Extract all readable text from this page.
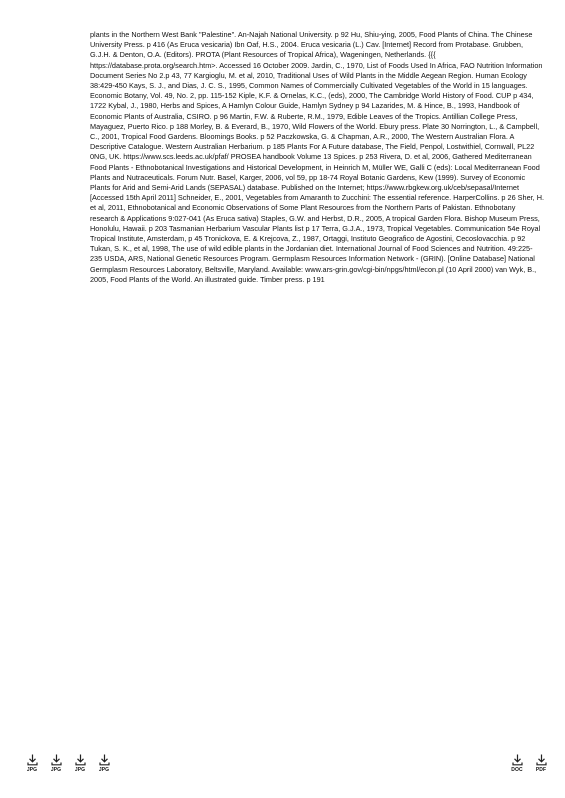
plants in the Northern West Bank "Palestine". An-Najah National University. p 92 Hu, Shiu-ying, 2005, Food Plants of China. The Chinese University Press. p 416 (As Eruca vesicaria) Ibn Oaf, H.S., 2004. Eruca vesicaria (L.) Cav. [Internet] Record from Protabase. Grubben, G.J.H. & Denton, O.A. (Editors). PROTA (Plant Resources of Tropical Africa), Wageningen, Netherlands. {{{ https://database.prota.org/search.htm>. Accessed 16 October 2009. Jardin, C., 1970, List of Foods Used In Africa, FAO Nutrition Information Document Series No 2.p 43, 77 Kargioglu, M. et al, 2010, Traditional Uses of Wild Plants in the Middle Aegean Region. Human Ecology 38:429-450 Kays, S. J., and Dias, J. C. S., 1995, Common Names of Commercially Cultivated Vegetables of the World in 15 languages. Economic Botany, Vol. 49, No. 2, pp. 115-152 Kiple, K.F. & Ornelas, K.C., (eds), 2000, The Cambridge World History of Food. CUP p 434, 1722 Kybal, J., 1980, Herbs and Spices, A Hamlyn Colour Guide, Hamlyn Sydney p 94 Lazarides, M. & Hince, B., 1993, Handbook of Economic Plants of Australia, CSIRO. p 96 Martin, F.W. & Ruberte, R.M., 1979, Edible Leaves of the Tropics. Antillian College Press, Mayaguez, Puerto Rico. p 188 Morley, B. & Everard, B., 1970, Wild Flowers of the World. Ebury press. Plate 30 Norrington, L., & Campbell, C., 2001, Tropical Food Gardens. Bloomings Books. p 52 Paczkowska, G. & Chapman, A.R., 2000, The Western Australian Flora. A Descriptive Catalogue. Western Australian Herbarium. p 185 Plants For A Future database, The Field, Penpol, Lostwithiel, Cornwall, PL22 0NG, UK. https://www.scs.leeds.ac.uk/pfaf/ PROSEA handbook Volume 13 Spices. p 253 Rivera, D. et al, 2006, Gathered Mediterranean Food Plants - Ethnobotanical Investigations and Historical Development, in Heinrich M, Müller WE, Galli C (eds): Local Mediterranean Food Plants and Nutraceuticals. Forum Nutr. Basel, Karger, 2006, vol 59, pp 18-74 Royal Botanic Gardens, Kew (1999). Survey of Economic Plants for Arid and Semi-Arid Lands (SEPASAL) database. Published on the Internet; https://www.rbgkew.org.uk/ceb/sepasal/Internet [Accessed 15th April 2011] Schneider, E., 2001, Vegetables from Amaranth to Zucchini: The essential reference. HarperCollins. p 26 Sher, H. et al, 2011, Ethnobotanical and Economic Observations of Some Plant Resources from the Northern Parts of Pakistan. Ethnobotany research & Applications 9:027-041 (As Eruca sativa) Staples, G.W. and Herbst, D.R., 2005, A tropical Garden Flora. Bishop Museum Press, Honolulu, Hawaii. p 203 Tasmanian Herbarium Vascular Plants list p 17 Terra, G.J.A., 1973, Tropical Vegetables. Communication 54e Royal Tropical Institute, Amsterdam, p 45 Tronickova, E. & Krejcova, Z., 1987, Ortaggi, Instituto Geografico de Agostini, Cecoslovacchia. p 92 Tukan, S. K., et al, 1998, The use of wild edible plants in the Jordanian diet. International Journal of Food Sciences and Nutrition. 49:225-235 USDA, ARS, National Genetic Resources Program. Germplasm Resources Information Network - (GRIN). [Online Database] National Germplasm Resources Laboratory, Beltsville, Maryland. Available: www.ars-grin.gov/cgi-bin/npgs/html/econ.pl (10 April 2000) van Wyk, B., 2005, Food Plants of the World. An illustrated guide. Timber press. p 191

JPG	JPG	JPG	JPG	DOC	PDF
